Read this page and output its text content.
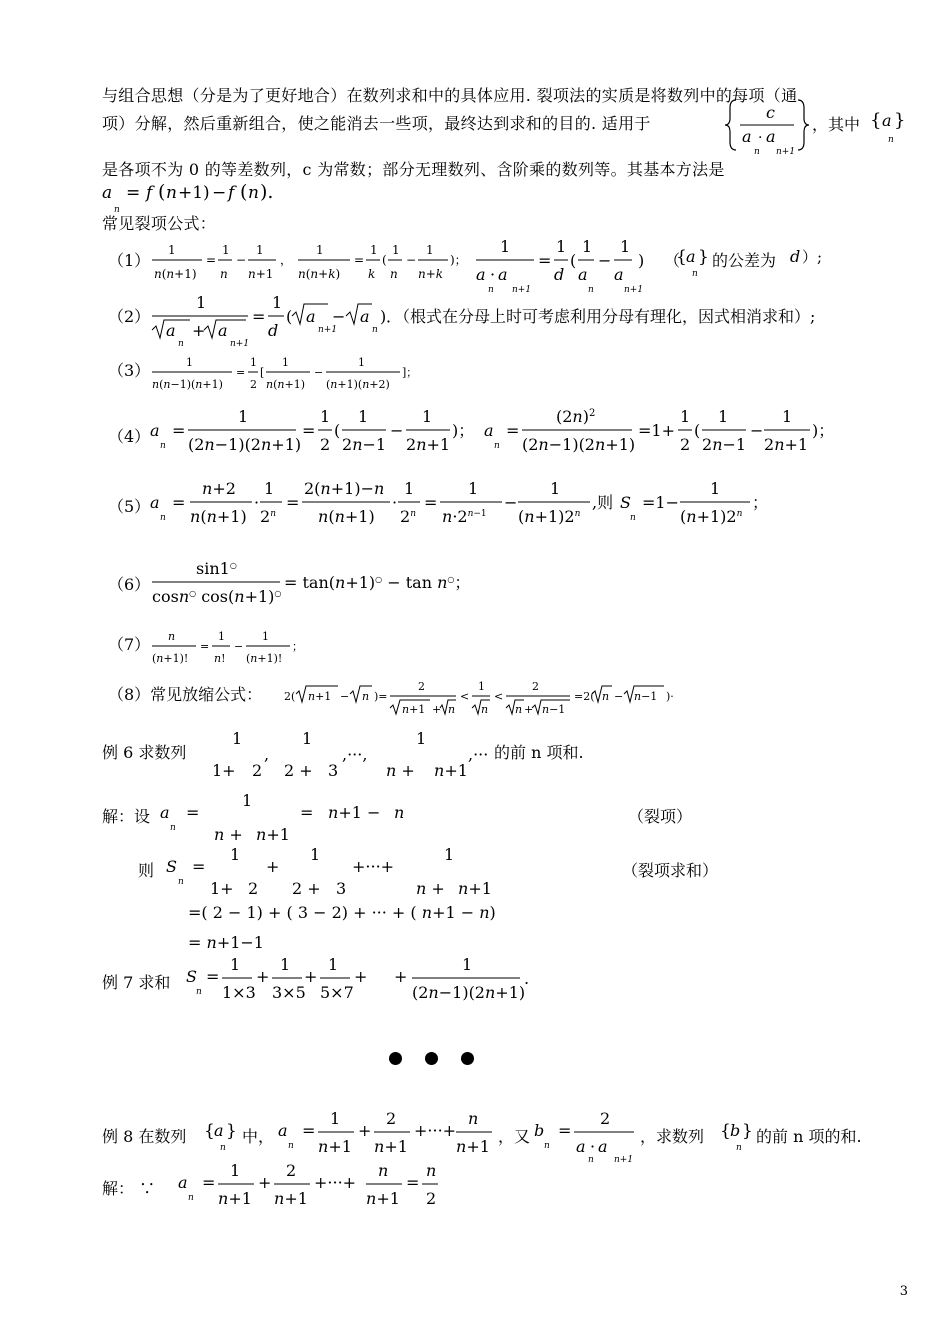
与组合思想（分是为了更好地合）在数列求和中的具体应用. 裂项法的实质是将数列中的每项（通
项）分解，然后重新组合，使之能消去一些项，最终达到求和的目的. 适用于
c
a · a
n n+1
，其中 { a }
n
是各项不为 0 的等差数列，c 为常数；部分无理数列、含阶乘的数列等。其基本方法是
a
n
= f ( n +1) − f ( n ).
常见裂项公式：
（1）
1
n(n+1)
=
1
n
−
1
n+1
，
1
n(n+k)
=
1
k
(
1
n
−
1
n+k
)；
1
a · a
n n+1
=
1
d
(
1
a
n
−
1
a
n+1
) （
{ a }
n
的公差为 d ）;
（2）
1
a
n
+ a
n+1
=
1
d
( a
n+1
− a
n
) ．（根式在分母上时可考虑利用分母有理化，因式相消求和）;
（3）	1
n(n−1)(n+1)
=
1
2
[
1
n(n+1)
−
1
(n+1)(n+2)
]；
（4） a
n
=
1
(2n−1)(2n+1)
=
1
2
(
1
2n−1
−
1
2n+1
)； a
n
=
$(2n)^2$
(2n−1)(2n+1)
=1+
1
2
(
1
2n−1
−
1
2n+1
)；
（5） a
n
=
n+2
n(n+1)
·
1
$2^n$
=
2(n+1)−n
n(n+1)
·
1
$2^n$
=
1
$n\cdot 2^{n-1}$
−
1
$(n+1)2^n$
,则 S
n
=1−
1
$(n+1)2^n$
；
（6）
sin1○
cosn○ cos(n+1)○
= tan(n+1)○ − tan n○；
（7） n
(n+1)!
=
1
n!
−
1
(n+1)!
；
（8）常见放缩公式： 2( n+1 − n )=
2
n+1 + n
<
1
n
<
2
n + n−1
=2( n − n−1 )·
例 6 求数列
1
1+ 2
,
1
2 + 3
,···,
1
n + n+1
,··· 的前 n 项和.
解：设 a
n
=
1
n + n+1
= n+1 − n	（裂项）
则 S
n
=
1
1+ 2
+
1
2 + 3
+···+
1
n + n+1
（裂项求和）
=( 2 − 1) + ( 3 − 2) + ··· + ( n+1 − n)
= n+1−1
例 7 求和 S
n
=
1
1×3
+
1
3×5
+
1
5×7
+ +
1
(2n−1)(2n+1)
.
例 8 在数列 { a }
n
中， a
n
=
1
n+1
+
2
n+1
+···+
n
n+1
，又 b
n
=
2
a · a
n n+1
，求数列 { b }
n
的前 n 项的和.
解： ∵ a
n
=
1
n+1
+
2
n+1
+···+
n
n+1
=
n
2
3
